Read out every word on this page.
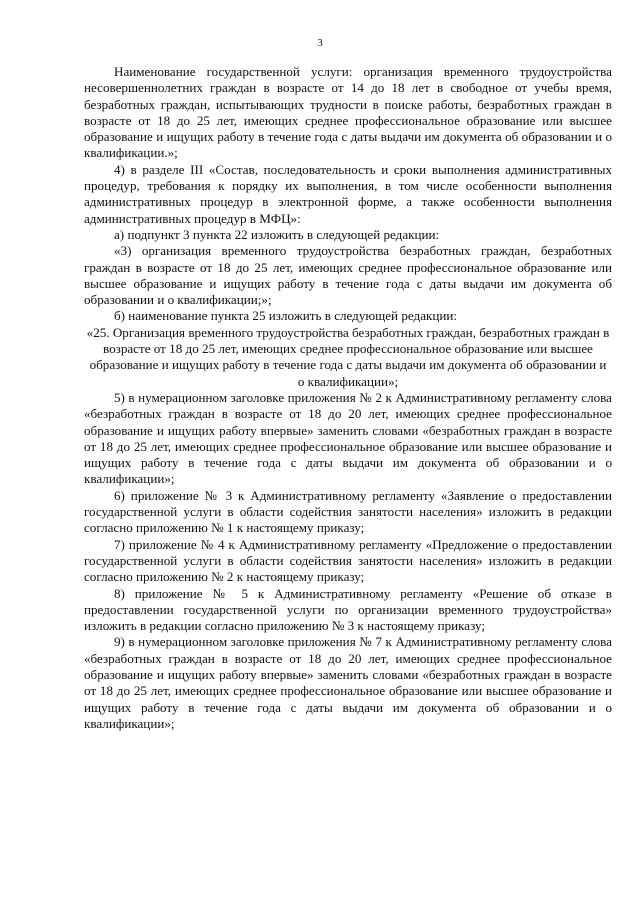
3

Наименование государственной услуги: организация временного трудоустройства несовершеннолетних граждан в возрасте от 14 до 18 лет в свободное от учебы время, безработных граждан, испытывающих трудности в поиске работы, безработных граждан в возрасте от 18 до 25 лет, имеющих среднее профессиональное образование или высшее образование и ищущих работу в течение года с даты выдачи им документа об образовании и о квалификации.»;

4) в разделе III «Состав, последовательность и сроки выполнения административных процедур, требования к порядку их выполнения, в том числе особенности выполнения административных процедур в электронной форме, а также особенности выполнения административных процедур в МФЦ»:

а) подпункт 3 пункта 22 изложить в следующей редакции:

«3) организация временного трудоустройства безработных граждан, безработных граждан в возрасте от 18 до 25 лет, имеющих среднее профессиональное образование или высшее образование и ищущих работу в течение года с даты выдачи им документа об образовании и о квалификации;»;

б) наименование пункта 25 изложить в следующей редакции:

«25. Организация временного трудоустройства безработных граждан, безработных граждан в возрасте от 18 до 25 лет, имеющих среднее профессиональное образование или высшее образование и ищущих работу в течение года с даты выдачи им документа об образовании и о квалификации»;

5) в нумерационном заголовке приложения № 2 к Административному регламенту слова «безработных граждан в возрасте от 18 до 20 лет, имеющих среднее профессиональное образование и ищущих работу впервые» заменить словами «безработных граждан в возрасте от 18 до 25 лет, имеющих среднее профессиональное образование или высшее образование и ищущих работу в течение года с даты выдачи им документа об образовании и о квалификации»;

6) приложение № 3 к Административному регламенту «Заявление о предоставлении государственной услуги в области содействия занятости населения» изложить в редакции согласно приложению № 1 к настоящему приказу;

7) приложение № 4 к Административному регламенту «Предложение о предоставлении государственной услуги в области содействия занятости населения» изложить в редакции согласно приложению № 2 к настоящему приказу;

8) приложение № 5 к Административному регламенту «Решение об отказе в предоставлении государственной услуги по организации временного трудоустройства» изложить в редакции согласно приложению № 3 к настоящему приказу;

9) в нумерационном заголовке приложения № 7 к Административному регламенту слова «безработных граждан в возрасте от 18 до 20 лет, имеющих среднее профессиональное образование и ищущих работу впервые» заменить словами «безработных граждан в возрасте от 18 до 25 лет, имеющих среднее профессиональное образование или высшее образование и ищущих работу в течение года с даты выдачи им документа об образовании и о квалификации»;
